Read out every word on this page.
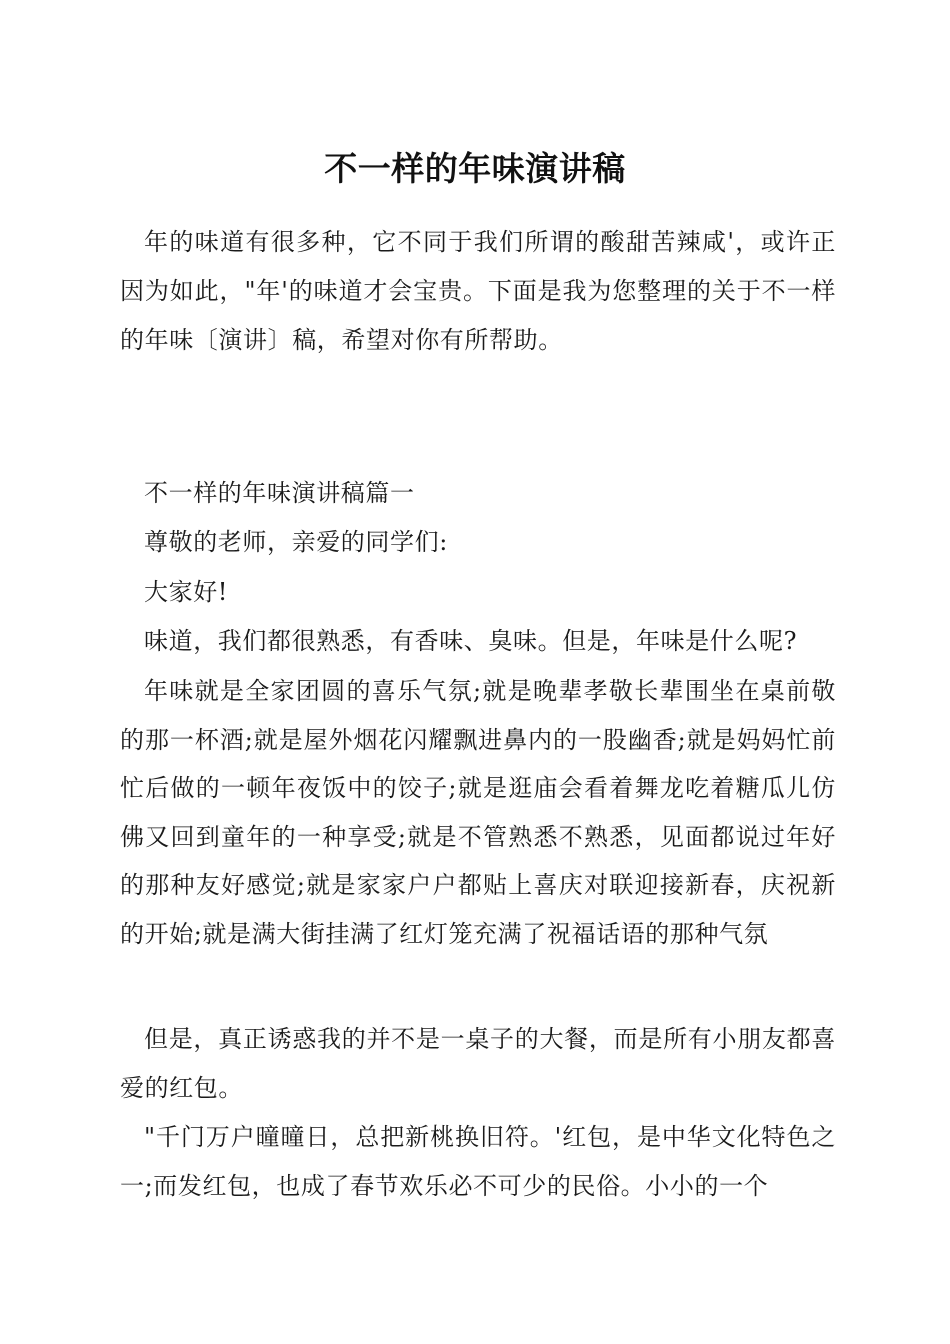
不一样的年味演讲稿

年的味道有很多种，它不同于我们所谓的酸甜苦辣咸'，或许正因为如此，"年'的味道才会宝贵。下面是我为您整理的关于不一样的年味〔演讲〕稿，希望对你有所帮助。

不一样的年味演讲稿篇一

尊敬的老师，亲爱的同学们:

大家好!

味道，我们都很熟悉，有香味、臭味。但是，年味是什么呢?

年味就是全家团圆的喜乐气氛;就是晚辈孝敬长辈围坐在桌前敬的那一杯酒;就是屋外烟花闪耀飘进鼻内的一股幽香;就是妈妈忙前忙后做的一顿年夜饭中的饺子;就是逛庙会看着舞龙吃着糖瓜儿仿佛又回到童年的一种享受;就是不管熟悉不熟悉，见面都说过年好的那种友好感觉;就是家家户户都贴上喜庆对联迎接新春，庆祝新的开始;就是满大街挂满了红灯笼充满了祝福话语的那种气氛

但是，真正诱惑我的并不是一桌子的大餐，而是所有小朋友都喜爱的红包。

"千门万户曈曈日，总把新桃换旧符。'红包，是中华文化特色之一;而发红包，也成了春节欢乐必不可少的民俗。小小的一个
